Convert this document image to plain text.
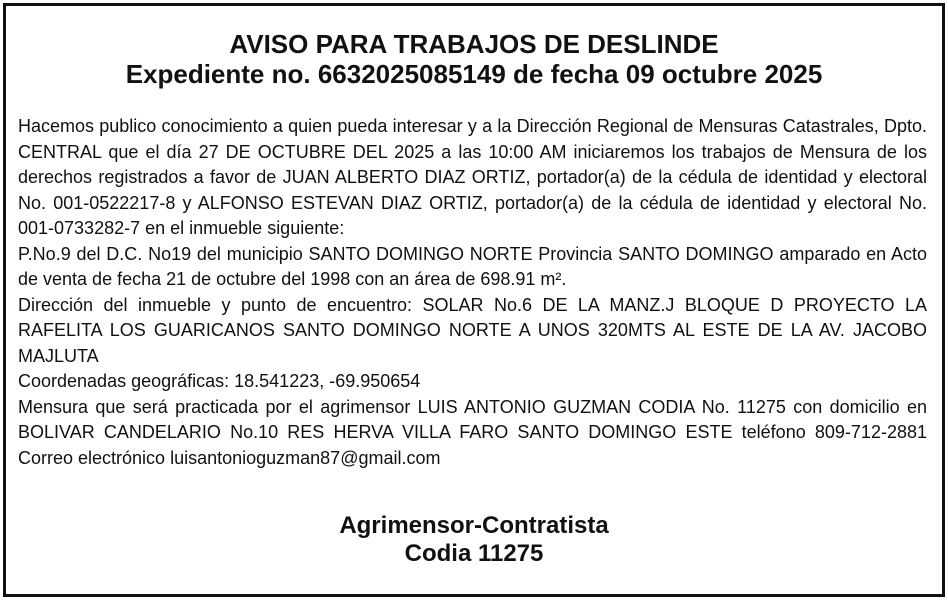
AVISO PARA TRABAJOS DE DESLINDE
Expediente no. 6632025085149 de fecha 09 octubre 2025

Hacemos publico conocimiento a quien pueda interesar y a la Dirección Regional de Mensuras Catastrales, Dpto. CENTRAL que el día 27 DE OCTUBRE DEL 2025 a las 10:00 AM iniciaremos los trabajos de Mensura de los derechos registrados a favor de JUAN ALBERTO DIAZ ORTIZ, portador(a) de la cédula de identidad y electoral No. 001-0522217-8 y ALFONSO ESTEVAN DIAZ ORTIZ, portador(a) de la cédula de identidad y electoral No. 001-0733282-7 en el inmueble siguiente:

P.No.9 del D.C. No19 del municipio SANTO DOMINGO NORTE Provincia SANTO DOMINGO amparado en Acto de venta de fecha 21 de octubre del 1998 con an área de 698.91 m².

Dirección del inmueble y punto de encuentro: SOLAR No.6 DE LA MANZ.J BLOQUE D PROYECTO LA RAFELITA LOS GUARICANOS SANTO DOMINGO NORTE A UNOS 320MTS AL ESTE DE LA AV. JACOBO MAJLUTA

Coordenadas geográficas: 18.541223, -69.950654

Mensura que será practicada por el agrimensor LUIS ANTONIO GUZMAN CODIA No. 11275 con domicilio en BOLIVAR CANDELARIO No.10 RES HERVA VILLA FARO SANTO DOMINGO ESTE teléfono 809-712-2881 Correo electrónico luisantonioguzman87@gmail.com

Agrimensor-Contratista
Codia 11275
